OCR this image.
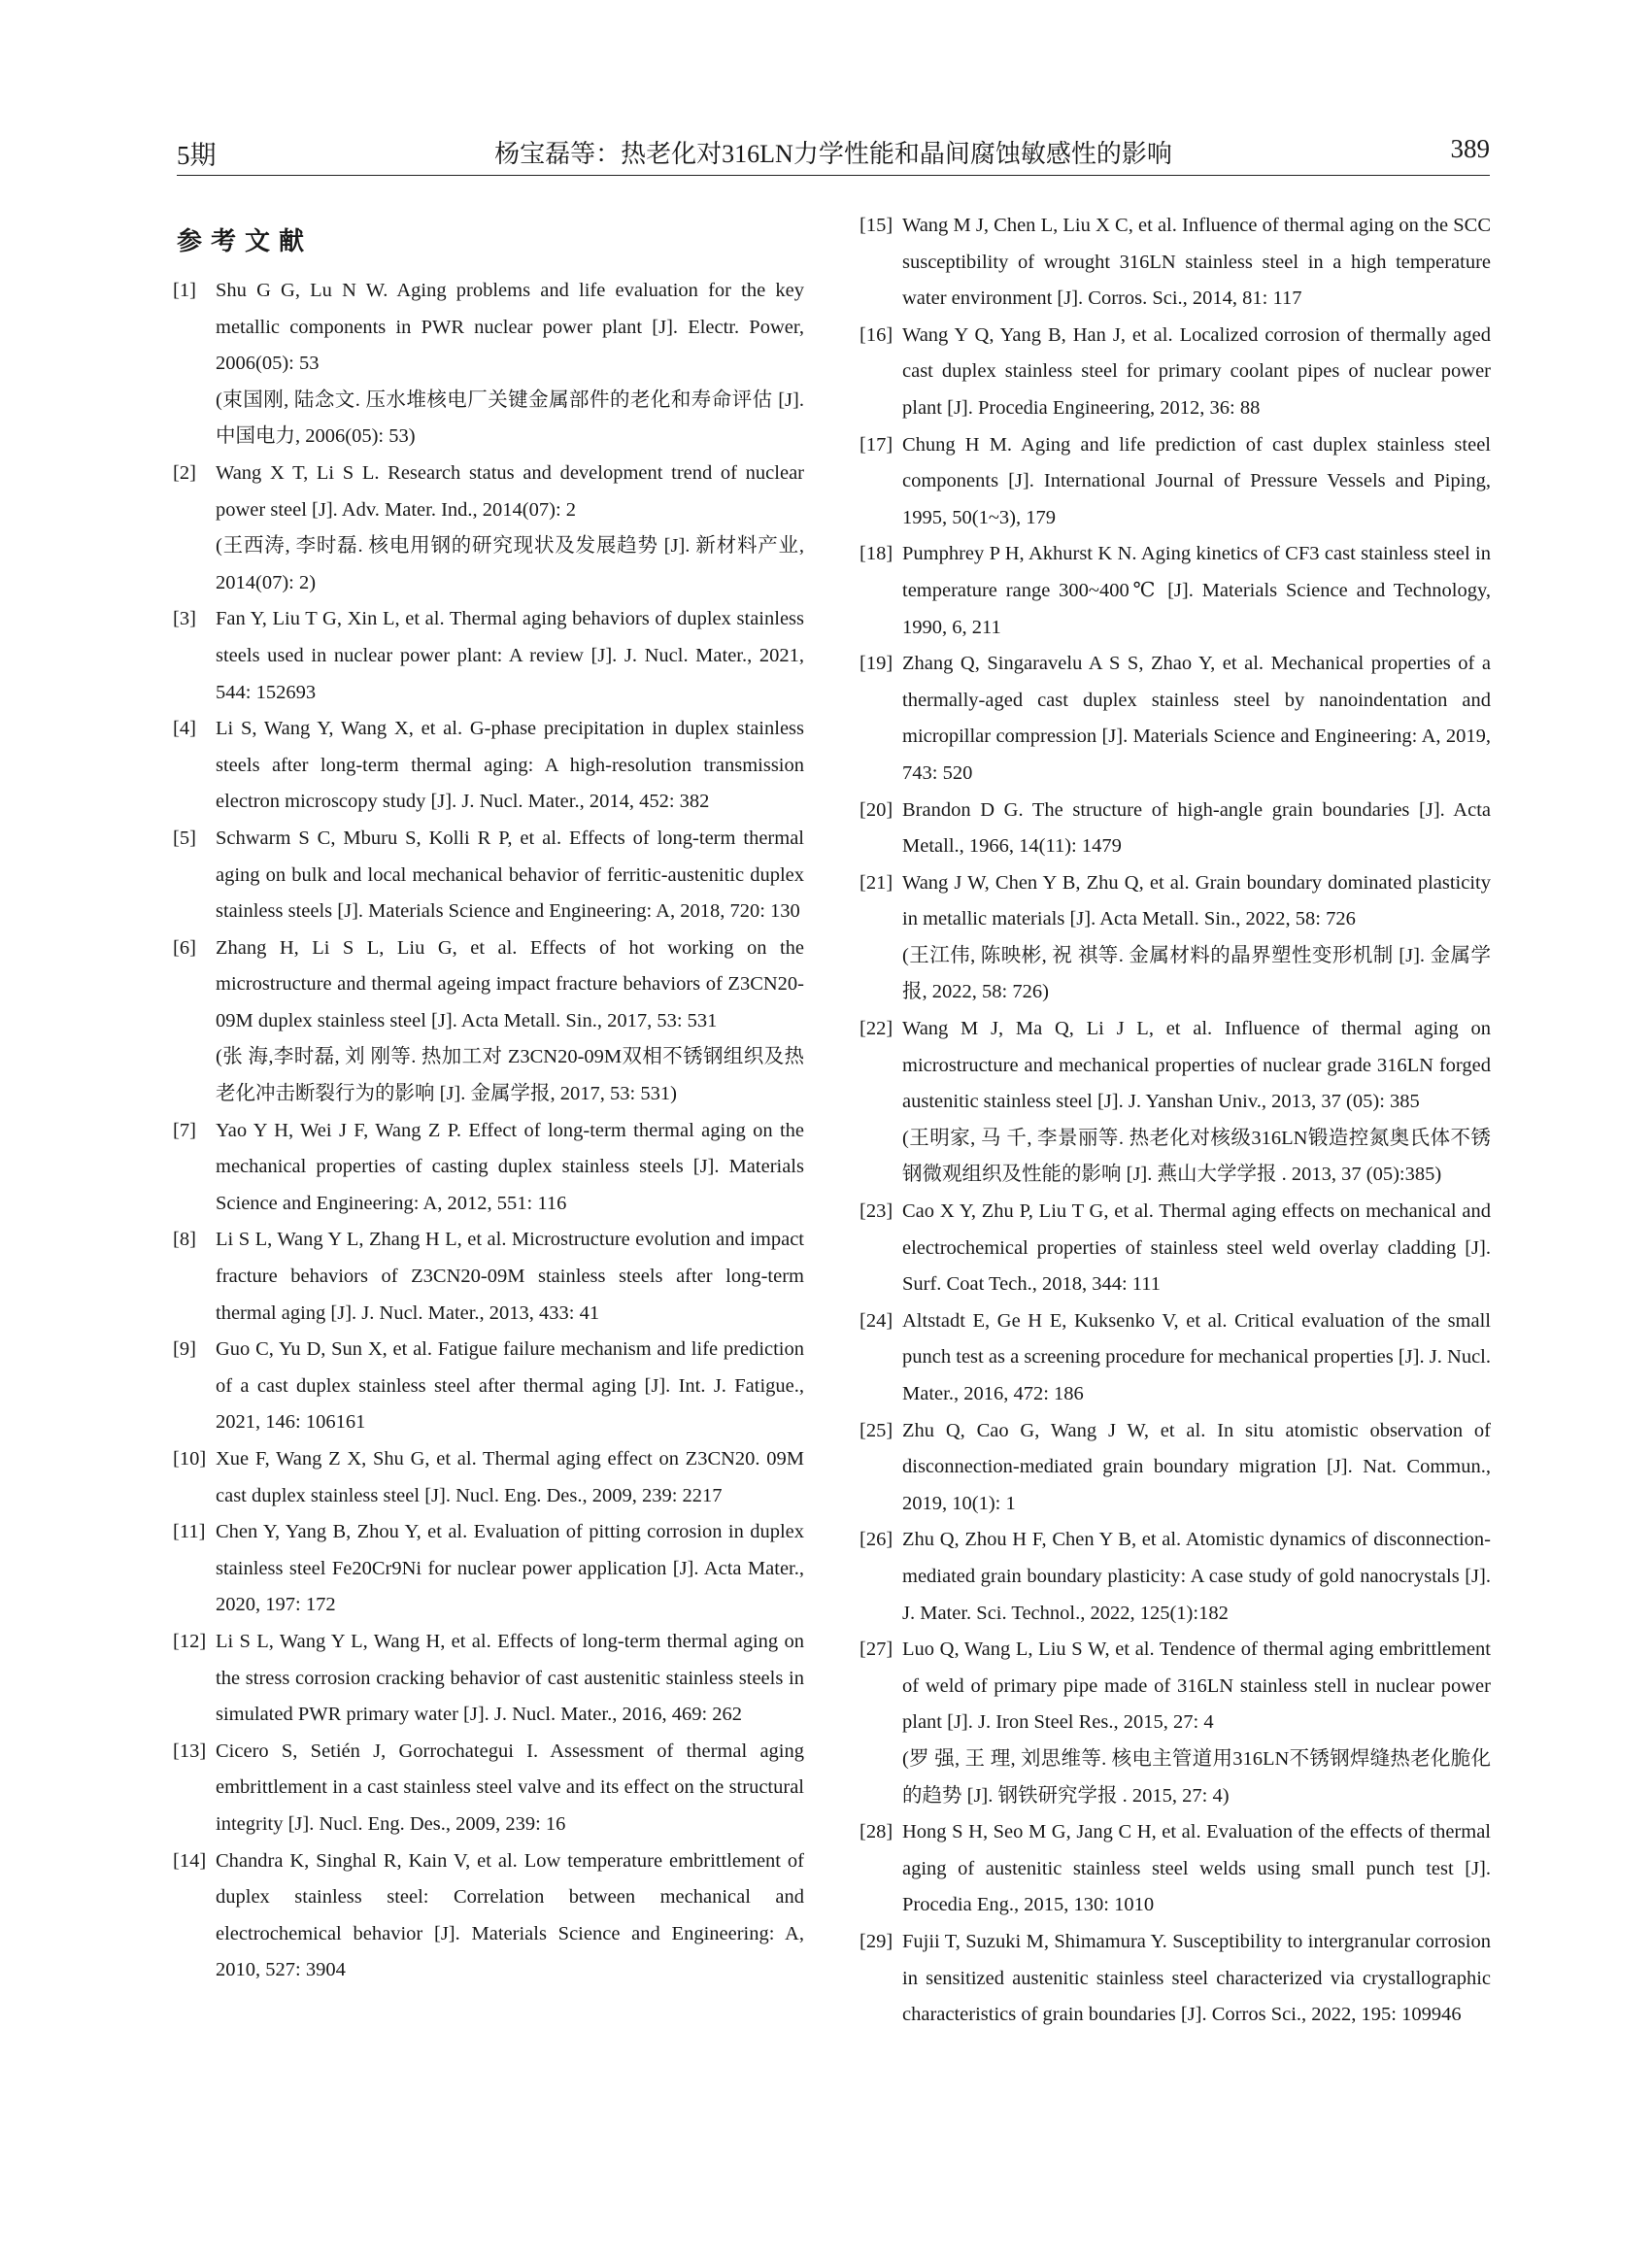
5期	杨宝磊等：热老化对316LN力学性能和晶间腐蚀敏感性的影响	389
参考文献
[1] Shu G G, Lu N W. Aging problems and life evaluation for the key metallic components in PWR nuclear power plant [J]. Electr. Power, 2006(05): 53
(束国刚, 陆念文. 压水堆核电厂关键金属部件的老化和寿命评估 [J]. 中国电力, 2006(05): 53)
[2] Wang X T, Li S L. Research status and development trend of nuclear power steel [J]. Adv. Mater. Ind., 2014(07): 2
(王西涛, 李时磊. 核电用钢的研究现状及发展趋势 [J]. 新材料产业, 2014(07): 2)
[3] Fan Y, Liu T G, Xin L, et al. Thermal aging behaviors of duplex stainless steels used in nuclear power plant: A review [J]. J. Nucl. Mater., 2021, 544: 152693
[4] Li S, Wang Y, Wang X, et al. G-phase precipitation in duplex stainless steels after long-term thermal aging: A high-resolution transmission electron microscopy study [J]. J. Nucl. Mater., 2014, 452: 382
[5] Schwarm S C, Mburu S, Kolli R P, et al. Effects of long-term thermal aging on bulk and local mechanical behavior of ferritic-austenitic duplex stainless steels [J]. Materials Science and Engineering: A, 2018, 720: 130
[6] Zhang H, Li S L, Liu G, et al. Effects of hot working on the microstructure and thermal ageing impact fracture behaviors of Z3CN20-09M duplex stainless steel [J]. Acta Metall. Sin., 2017, 53: 531
(张 海,李时磊, 刘 刚等. 热加工对 Z3CN20-09M双相不锈钢组织及热老化冲击断裂行为的影响 [J]. 金属学报, 2017, 53: 531)
[7] Yao Y H, Wei J F, Wang Z P. Effect of long-term thermal aging on the mechanical properties of casting duplex stainless steels [J]. Materials Science and Engineering: A, 2012, 551: 116
[8] Li S L, Wang Y L, Zhang H L, et al. Microstructure evolution and impact fracture behaviors of Z3CN20-09M stainless steels after long-term thermal aging [J]. J. Nucl. Mater., 2013, 433: 41
[9] Guo C, Yu D, Sun X, et al. Fatigue failure mechanism and life prediction of a cast duplex stainless steel after thermal aging [J]. Int. J. Fatigue., 2021, 146: 106161
[10] Xue F, Wang Z X, Shu G, et al. Thermal aging effect on Z3CN20. 09M cast duplex stainless steel [J]. Nucl. Eng. Des., 2009, 239: 2217
[11] Chen Y, Yang B, Zhou Y, et al. Evaluation of pitting corrosion in duplex stainless steel Fe20Cr9Ni for nuclear power application [J]. Acta Mater., 2020, 197: 172
[12] Li S L, Wang Y L, Wang H, et al. Effects of long-term thermal aging on the stress corrosion cracking behavior of cast austenitic stainless steels in simulated PWR primary water [J]. J. Nucl. Mater., 2016, 469: 262
[13] Cicero S, Setién J, Gorrochategui I. Assessment of thermal aging embrittlement in a cast stainless steel valve and its effect on the structural integrity [J]. Nucl. Eng. Des., 2009, 239: 16
[14] Chandra K, Singhal R, Kain V, et al. Low temperature embrittlement of duplex stainless steel: Correlation between mechanical and electrochemical behavior [J]. Materials Science and Engineering: A, 2010, 527: 3904
[15] Wang M J, Chen L, Liu X C, et al. Influence of thermal aging on the SCC susceptibility of wrought 316LN stainless steel in a high temperature water environment [J]. Corros. Sci., 2014, 81: 117
[16] Wang Y Q, Yang B, Han J, et al. Localized corrosion of thermally aged cast duplex stainless steel for primary coolant pipes of nuclear power plant [J]. Procedia Engineering, 2012, 36: 88
[17] Chung H M. Aging and life prediction of cast duplex stainless steel components [J]. International Journal of Pressure Vessels and Piping, 1995, 50(1~3), 179
[18] Pumphrey P H, Akhurst K N. Aging kinetics of CF3 cast stainless steel in temperature range 300~400℃ [J]. Materials Science and Technology, 1990, 6, 211
[19] Zhang Q, Singaravelu A S S, Zhao Y, et al. Mechanical properties of a thermally-aged cast duplex stainless steel by nanoindentation and micropillar compression [J]. Materials Science and Engineering: A, 2019, 743: 520
[20] Brandon D G. The structure of high-angle grain boundaries [J]. Acta Metall., 1966, 14(11): 1479
[21] Wang J W, Chen Y B, Zhu Q, et al. Grain boundary dominated plasticity in metallic materials [J]. Acta Metall. Sin., 2022, 58: 726
(王江伟, 陈映彬, 祝 祺等. 金属材料的晶界塑性变形机制 [J]. 金属学报, 2022, 58: 726)
[22] Wang M J, Ma Q, Li J L, et al. Influence of thermal aging on microstructure and mechanical properties of nuclear grade 316LN forged austenitic stainless steel [J]. J. Yanshan Univ., 2013, 37 (05): 385
(王明家, 马 千, 李景丽等. 热老化对核级316LN锻造控氮奥氏体不锈钢微观组织及性能的影响 [J]. 燕山大学学报 . 2013, 37 (05):385)
[23] Cao X Y, Zhu P, Liu T G, et al. Thermal aging effects on mechanical and electrochemical properties of stainless steel weld overlay cladding [J]. Surf. Coat Tech., 2018, 344: 111
[24] Altstadt E, Ge H E, Kuksenko V, et al. Critical evaluation of the small punch test as a screening procedure for mechanical properties [J]. J. Nucl. Mater., 2016, 472: 186
[25] Zhu Q, Cao G, Wang J W, et al. In situ atomistic observation of disconnection-mediated grain boundary migration [J]. Nat. Commun., 2019, 10(1): 1
[26] Zhu Q, Zhou H F, Chen Y B, et al. Atomistic dynamics of disconnection-mediated grain boundary plasticity: A case study of gold nanocrystals [J]. J. Mater. Sci. Technol., 2022, 125(1):182
[27] Luo Q, Wang L, Liu S W, et al. Tendence of thermal aging embrittlement of weld of primary pipe made of 316LN stainless stell in nuclear power plant [J]. J. Iron Steel Res., 2015, 27: 4
(罗 强, 王 理, 刘思维等. 核电主管道用316LN不锈钢焊缝热老化脆化的趋势 [J]. 钢铁研究学报 . 2015, 27: 4)
[28] Hong S H, Seo M G, Jang C H, et al. Evaluation of the effects of thermal aging of austenitic stainless steel welds using small punch test [J]. Procedia Eng., 2015, 130: 1010
[29] Fujii T, Suzuki M, Shimamura Y. Susceptibility to intergranular corrosion in sensitized austenitic stainless steel characterized via crystallographic characteristics of grain boundaries [J]. Corros Sci., 2022, 195: 109946
